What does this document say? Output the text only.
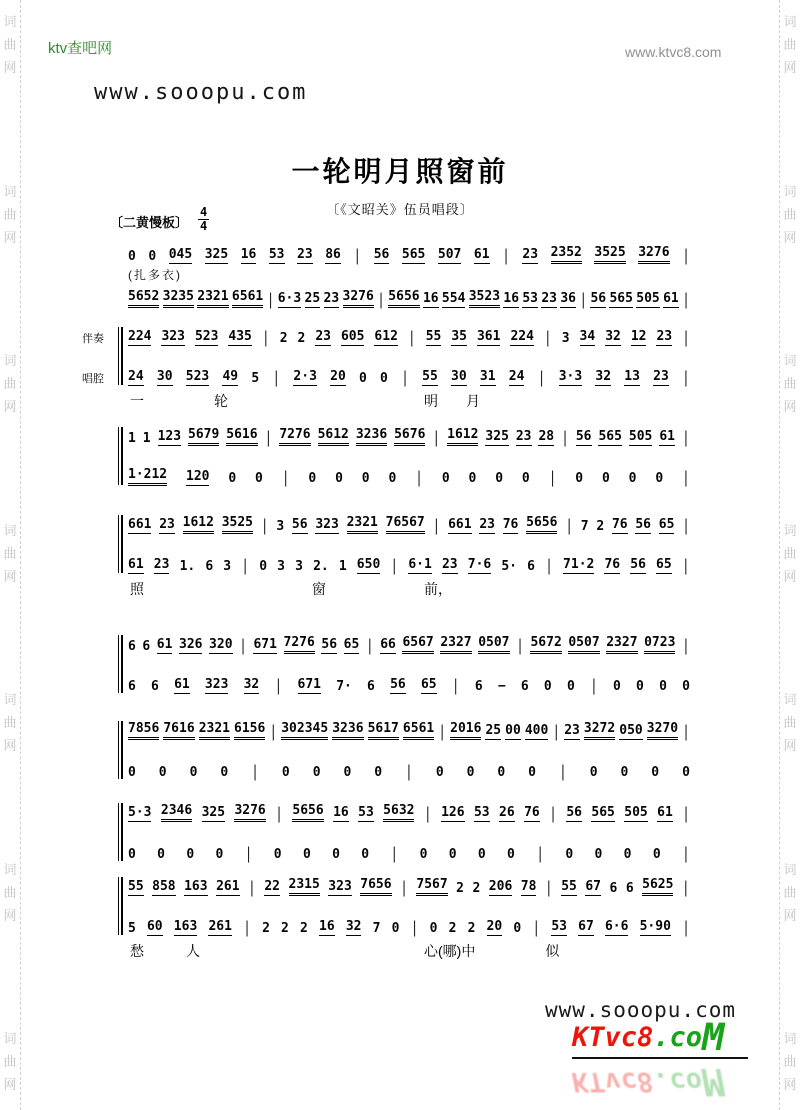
词
曲
网
词
曲
网
词
曲
网
词
曲
网
词
曲
网
词
曲
网
词
曲
网
词
曲
网
词
曲
网
词
曲
网
词
曲
网
词
曲
网
词
曲
网
词
曲
网
ktv查吧网	www.ktvc8.com
www.sooopu.com
一轮明月照窗前
〔《文昭关》伍员唱段〕
〔二黄慢板〕 $\frac{4}{4}$
0 0 045 325 16 53 23 86 | 56 565 507 61 | 23 2352 3525 3276 |
(扎多衣)
5652 3235 2321 6561 | 6·3 25 23 3276 | 5656 16 554 3523 16 53 23 36 | 56 565 505 61 |
伴奏
唱腔
224 323 523 435 | 2 2 23 605 612 | 55 35 361 224 | 3 34 32 12 23 |
24 30 523 49 5 | 2·3 20 0 0 | 55 30 31 24 | 3·3 32 13 23 |
一　　　　　轮　　　　　　　　　　　　　　明　　月
1 1 123 5679 5616 | 7276 5612 3236 5676 | 1612 325 23 28 | 56 565 505 61 |
1·212 120 0 0 | 0 0 0 0 | 0 0 0 0 | 0 0 0 0 |
661 23 1612 3525 | 3 56 323 2321 76567 | 661 23 76 5656 | 7 2 76 56 65 |
61 23 1. 6 3 | 0 3 3 2. 1 650 | 6·1 23 7·6 5· 6 | 71·2 76 56 65 |
照　　　　　　　　　　　　窗　　　　　　　前，
6 6 61 326 320 | 671 7276 56 65 | 66 6567 2327 0507 | 5672 0507 2327 0723 |
6 6 61 323 32 | 671 7· 6 56 65 | 6 − 6 0 0 | 0 0 0 0
7856 7616 2321 6156 | 302345 3236 5617 6561 | 2016 25 00 400 | 23 3272 050 3270 |
0 0 0 0 | 0 0 0 0 | 0 0 0 0 | 0 0 0 0
5·3 2346 325 3276 | 5656 16 53 5632 | 126 53 26 76 | 56 565 505 61 |
0 0 0 0 | 0 0 0 0 | 0 0 0 0 | 0 0 0 0 |
55 858 163 261 | 22 2315 323 7656 | 7567 2 2 206 78 | 55 67 6 6 5625 |
5 60 163 261 | 2 2 2 16 32 7 0 | 0 2 2 20 0 | 53 67 6·6 5·90 |
愁　　　人　　　　　　　　　　　　　　　　心(哪)中　　　　　似
www.sooopu.com
KTvc8.coM
KTvc8.coM
